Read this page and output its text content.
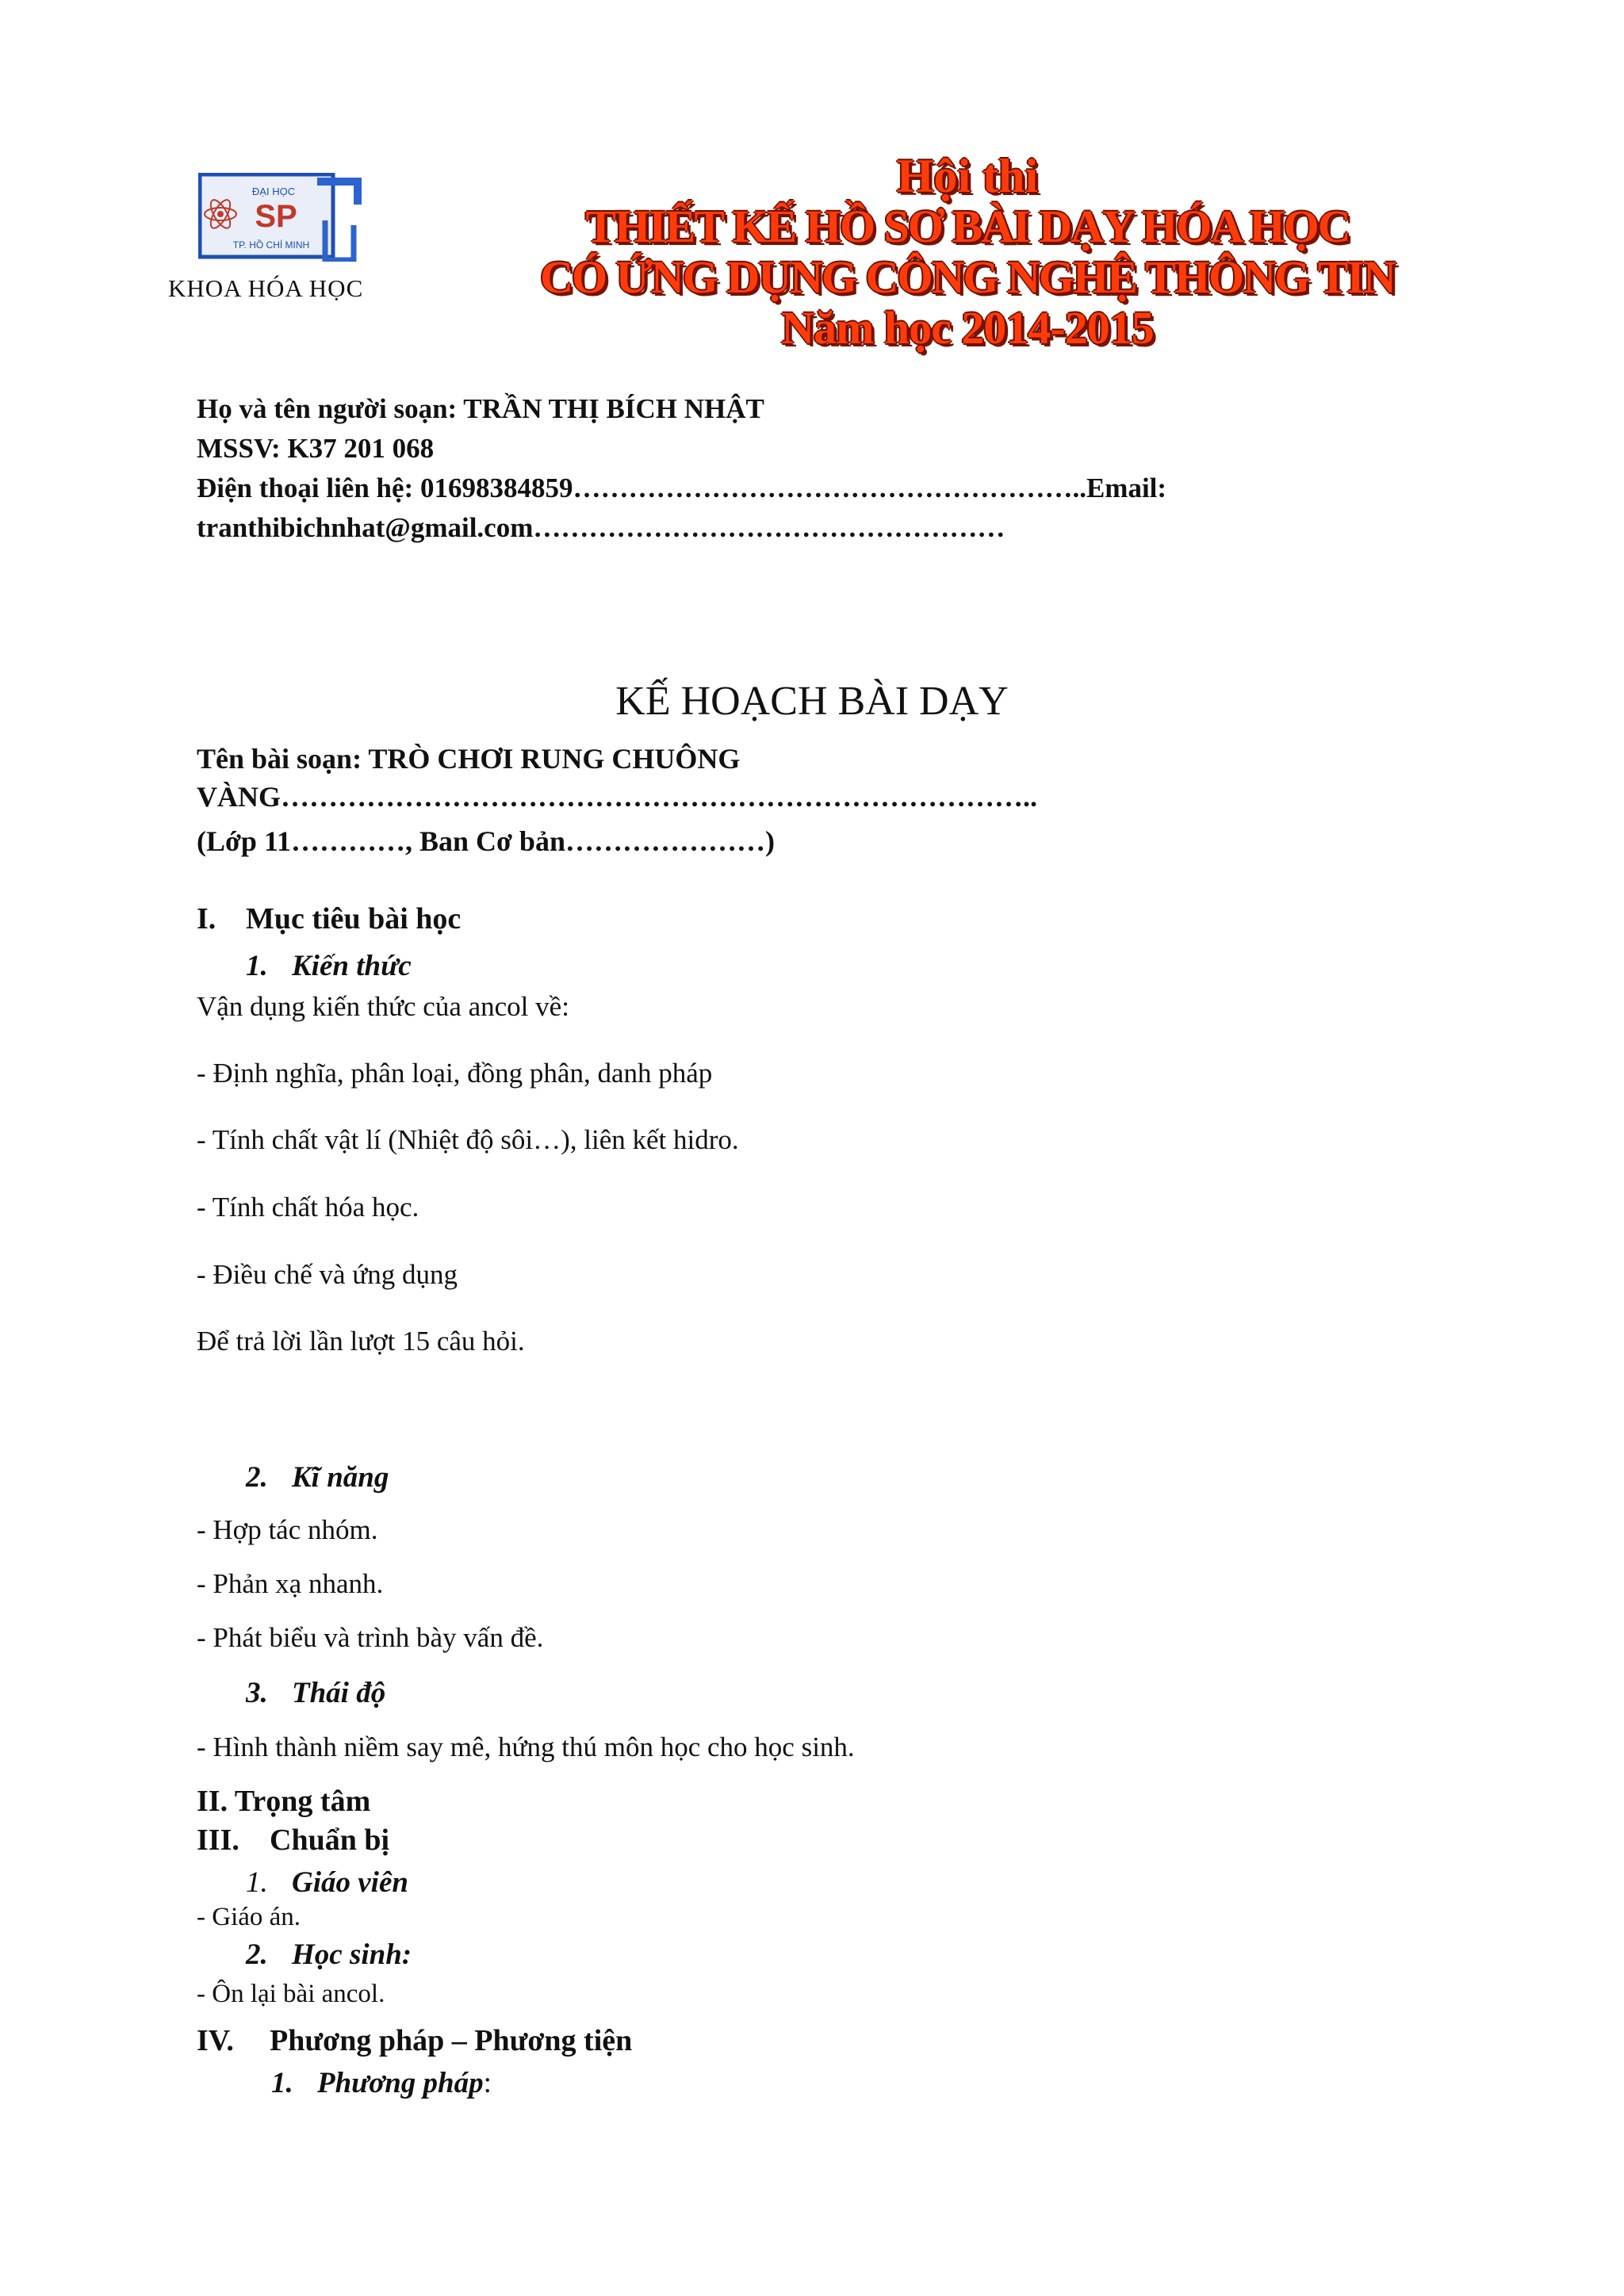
ĐẠI HỌC
SP
TP. HỒ CHÍ MINH
KHOA HÓA HỌC
Hội thi
THIẾT KẾ HỒ SƠ BÀI DẠY HÓA HỌC
CÓ ỨNG DỤNG CÔNG NGHỆ THÔNG TIN
Năm học 2014-2015
Họ và tên người soạn: TRẦN THỊ BÍCH NHẬT
MSSV: K37 201 068
Điện thoại liên hệ: 01698384859………………………………………………..Email:
tranthibichnhat@gmail.com……………………………………………
KẾ HOẠCH BÀI DẠY
Tên bài soạn: TRÒ CHƠI RUNG CHUÔNG
VÀNG……………………………………………………………………..
(Lớp 11…………, Ban Cơ bản…………………)
I. Mục tiêu bài học
1. Kiến thức
Vận dụng kiến thức của ancol về:
- Định nghĩa, phân loại, đồng phân, danh pháp
- Tính chất vật lí (Nhiệt độ sôi…), liên kết hidro.
- Tính chất hóa học.
- Điều chế và ứng dụng
Để trả lời lần lượt 15 câu hỏi.
2. Kĩ năng
- Hợp tác nhóm.
- Phản xạ nhanh.
- Phát biểu và trình bày vấn đề.
3. Thái độ
- Hình thành niềm say mê, hứng thú môn học cho học sinh.
II. Trọng tâm
III. Chuẩn bị
1. Giáo viên
- Giáo án.
2. Học sinh:
- Ôn lại bài ancol.
IV. Phương pháp – Phương tiện
1. Phương pháp:
